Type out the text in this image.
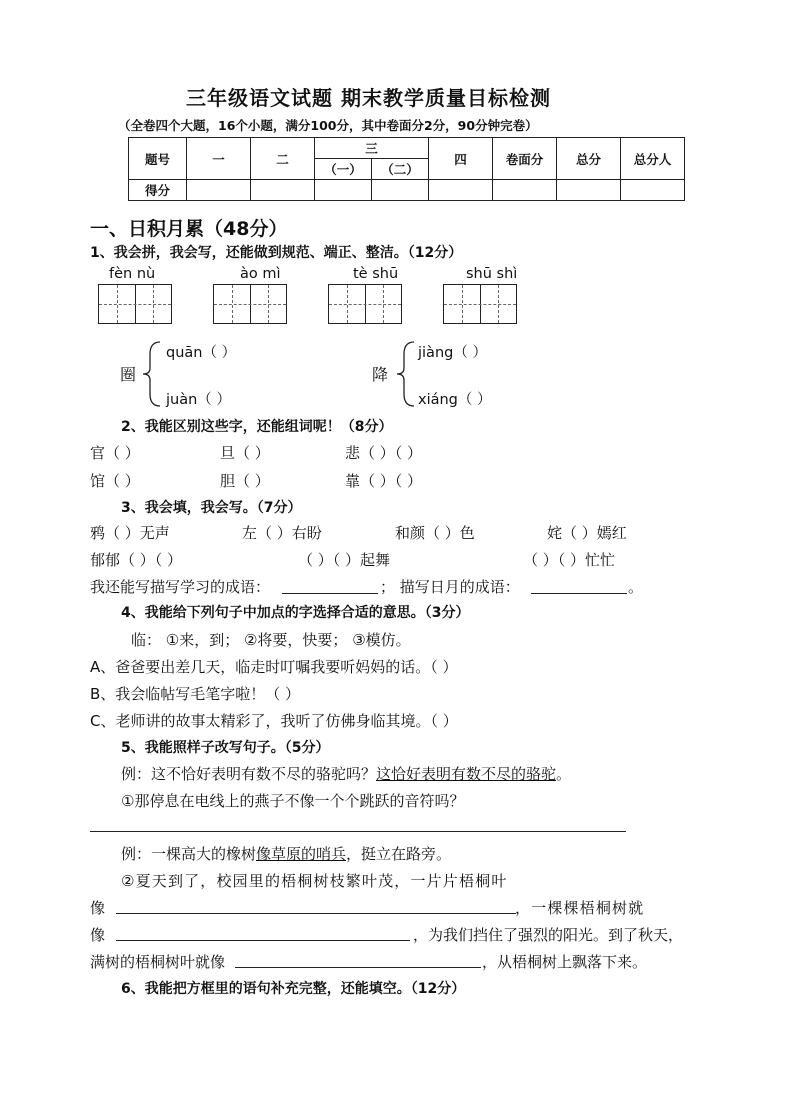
三年级语文试题 期末教学质量目标检测
（全卷四个大题，16个小题，满分100分，其中卷面分2分，90分钟完卷）
题号	一	二	三		四	卷面分	总分	总分人
			（一）	（二）				
得分								
一、日积月累（48分）
1、我会拼，我会写，还能做到规范、端正、整洁。（12分）
fèn nù	ào mì	tè shū	shū shì
圈
quān（ ）
juàn（ ）
降
jiàng（ ）
xiáng（ ）
2、我能区别这些字，还能组词呢！（8分）
官（ ）	旦（ ）	悲（ ）（ ）
馆（ ）	胆（ ）	靠（ ）（ ）
3、我会填，我会写。（7分）
鸦（ ）无声	左（ ）右盼	和颜（ ）色	姹（ ）嫣红
郁郁（ ）（ ）	（ ）（ ）起舞	（ ）（ ）忙忙
我还能写描写学习的成语：	； 描写日月的成语：	。
4、我能给下列句子中加点的字选择合适的意思。（3分）
临： ①来，到； ②将要，快要； ③模仿。
A、爸爸要出差几天，临走时叮嘱我要听妈妈的话。（ ）
B、我会临帖写毛笔字啦！（ ）
C、老师讲的故事太精彩了，我听了仿佛身临其境。（ ）
5、我能照样子改写句子。（5分）
例：这不恰好表明有数不尽的骆驼吗？这恰好表明有数不尽的骆驼。
①那停息在电线上的燕子不像一个个跳跃的音符吗？
例：一棵高大的橡树像草原的哨兵，挺立在路旁。
② 夏 天 到 了 ， 校 园 里 的 梧 桐 树 枝 繁 叶 茂 ， 一 片 片 梧 桐 叶
像	， 一 棵 棵 梧 桐 树 就
像	，为我们挡住了强烈的阳光。到了秋天，
满树的梧桐树叶就像	，从梧桐树上飘落下来。
6、我能把方框里的语句补充完整，还能填空。（12分）
